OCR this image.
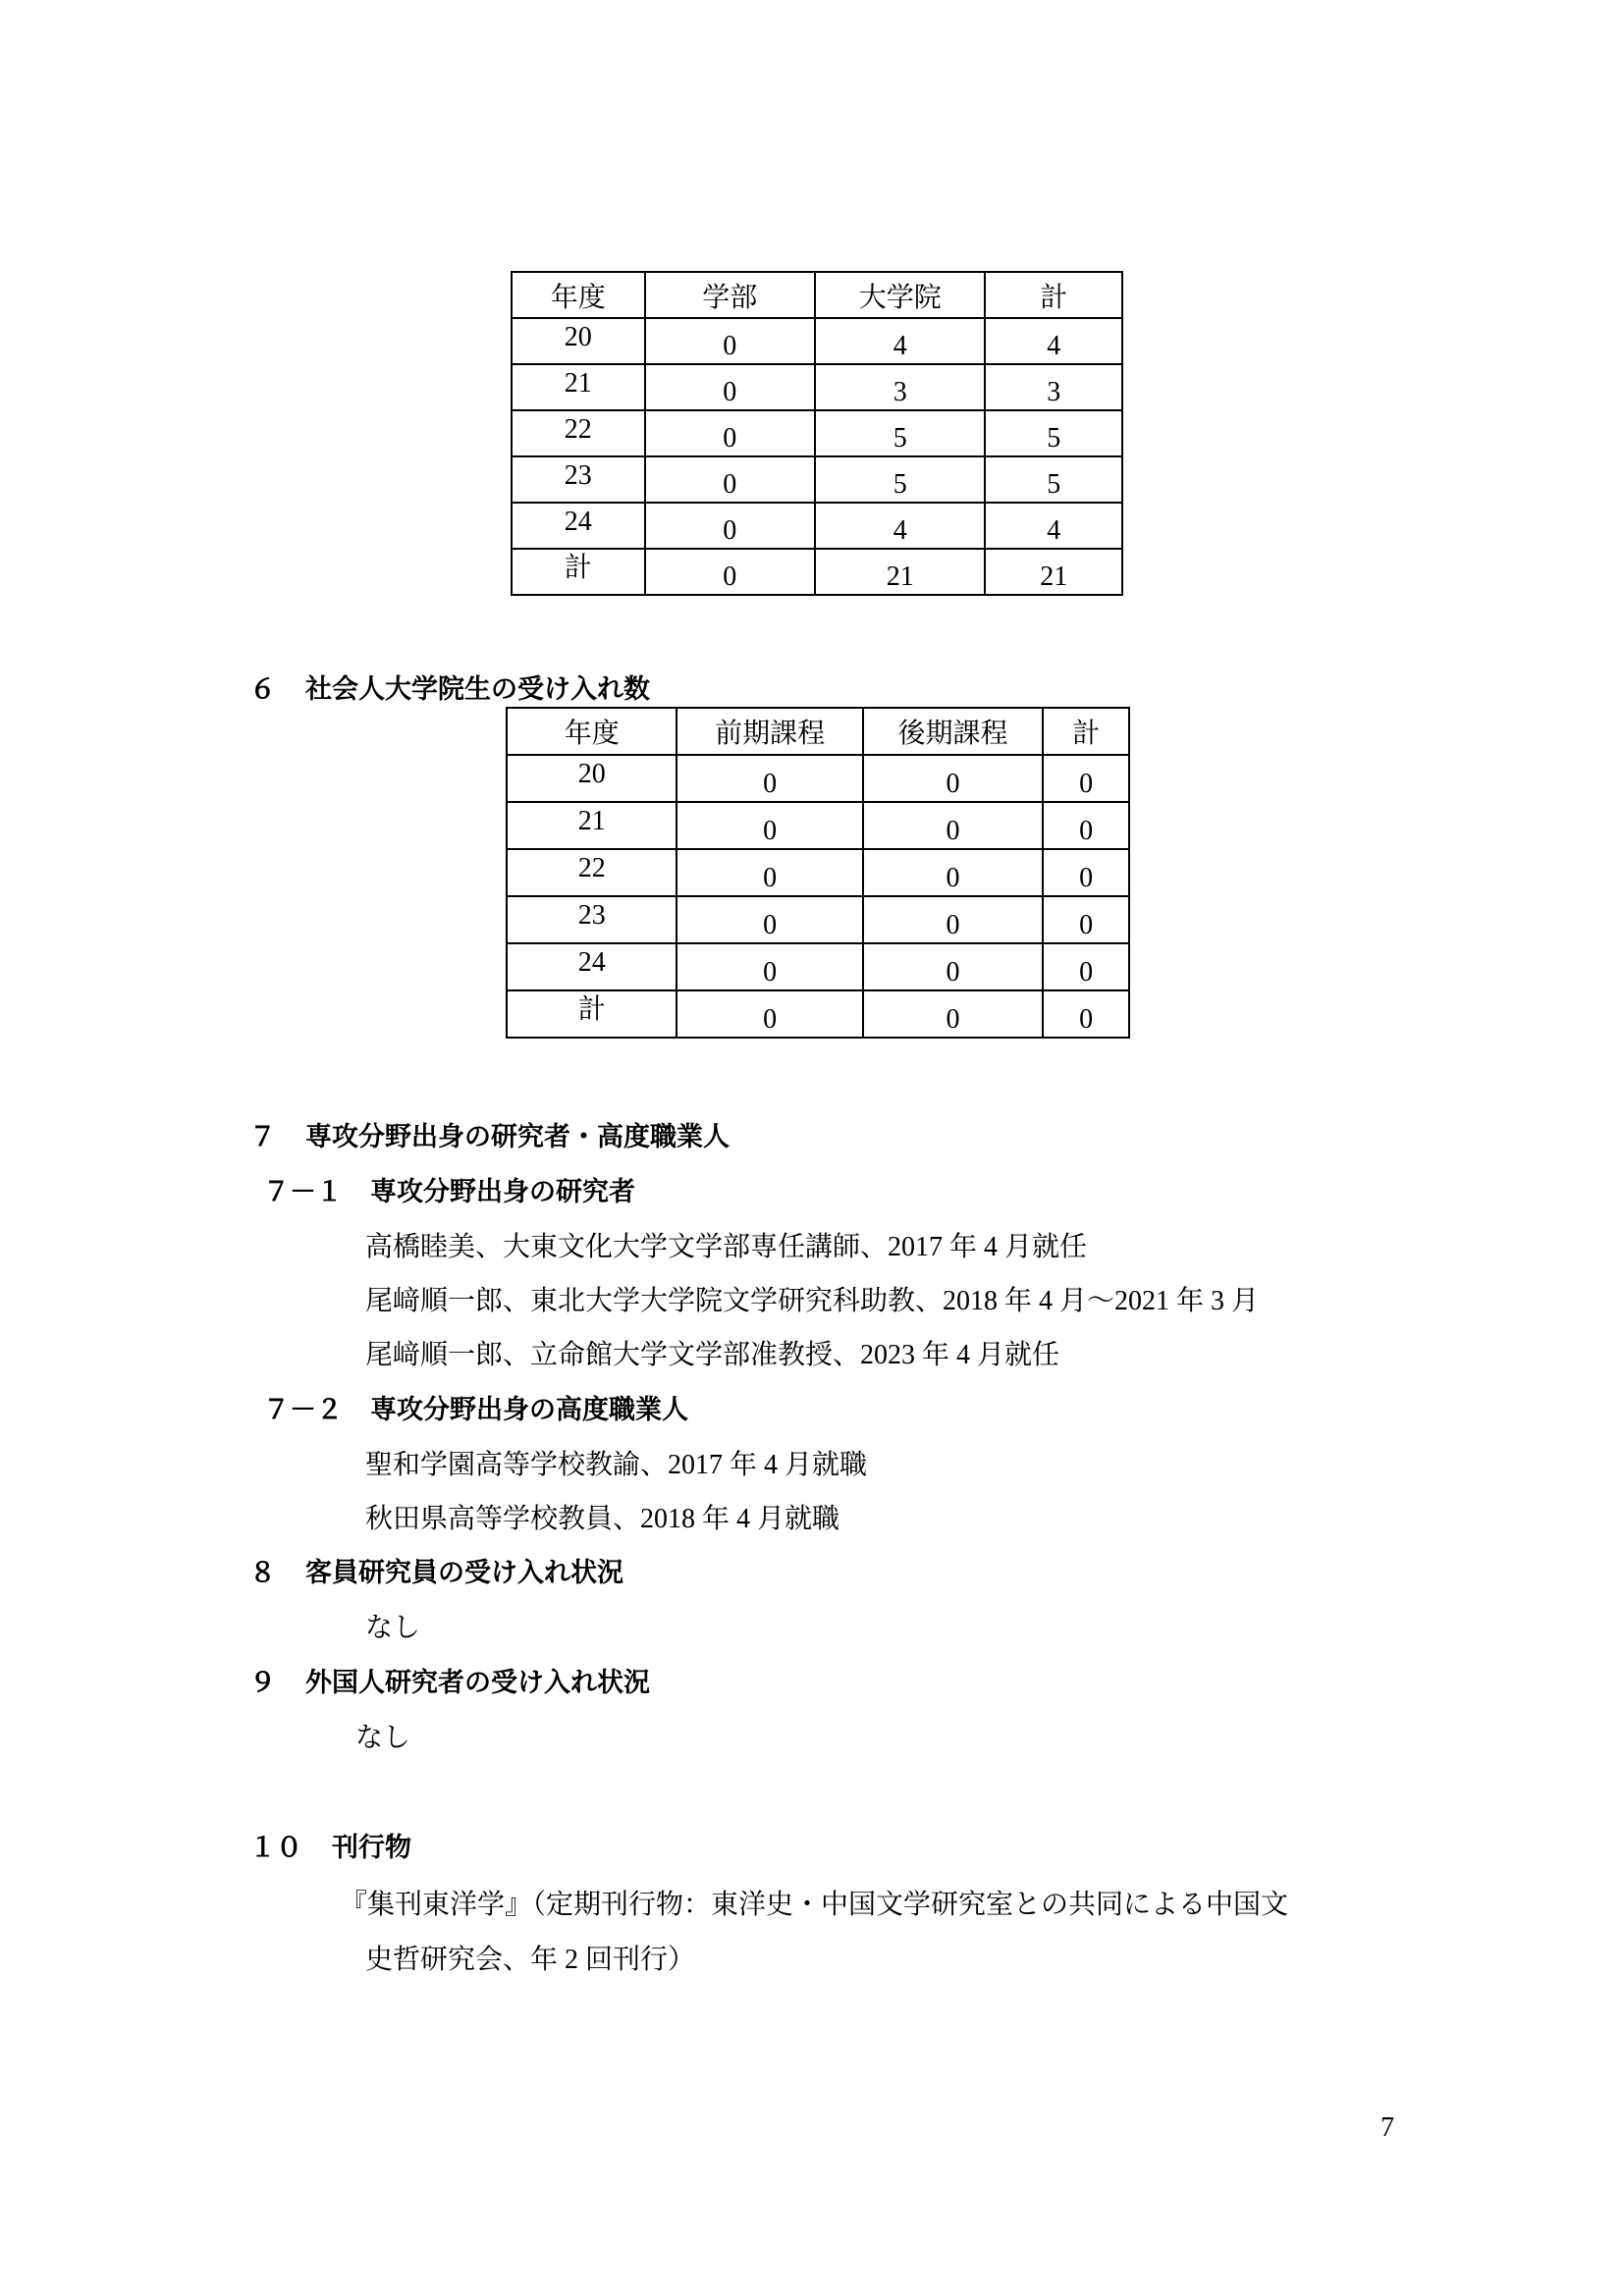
年度	学部	大学院	計
20	0	4	4
21	0	3	3
22	0	5	5
23	0	5	5
24	0	4	4
計	0	21	21
６ 社会人大学院生の受け入れ数
年度	前期課程	後期課程	計
20	0	0	0
21	0	0	0
22	0	0	0
23	0	0	0
24	0	0	0
計	0	0	0
７ 専攻分野出身の研究者・高度職業人
７－１ 専攻分野出身の研究者
高橋睦美、大東文化大学文学部専任講師、2017 年 4 月就任
尾﨑順一郎、東北大学大学院文学研究科助教、2018 年 4 月～2021 年 3 月
尾﨑順一郎、立命館大学文学部准教授、2023 年 4 月就任
７－２ 専攻分野出身の高度職業人
聖和学園高等学校教諭、2017 年 4 月就職
秋田県高等学校教員、2018 年 4 月就職
８ 客員研究員の受け入れ状況
なし
９ 外国人研究者の受け入れ状況
なし
１０ 刊行物
『集刊東洋学』（定期刊行物：東洋史・中国文学研究室との共同による中国文
史哲研究会、年 2 回刊行）
7
